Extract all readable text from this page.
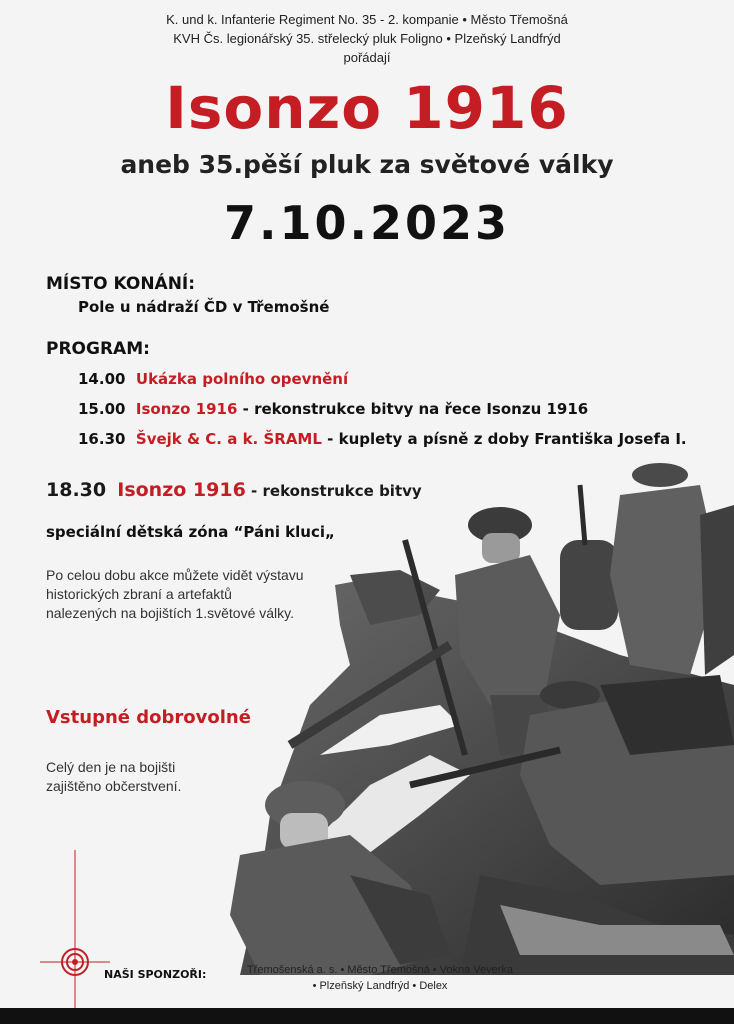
K. und k. Infanterie Regiment No. 35 - 2. kompanie • Město Třemošná
KVH Čs. legionářský 35. střelecký pluk Foligno • Plzeňský Landfrýd
pořádají
Isonzo 1916
aneb 35.pěší pluk za světové války
7.10.2023
MÍSTO KONÁNÍ:
Pole u nádraží ČD v Třemošné
PROGRAM:
14.00 Ukázka polního opevnění
15.00 Isonzo 1916 - rekonstrukce bitvy na řece Isonzu 1916
16.30 Švejk & C. a k. ŠRAML - kuplety a písně z doby Františka Josefa I.
18.30 Isonzo 1916 - rekonstrukce bitvy
speciální dětská zóna “Páni kluci„
Po celou dobu akce můžete vidět výstavu
historických zbraní a artefaktů
nalezených na bojištích 1.světové války.
Vstupné dobrovolné
Celý den je na bojišti
zajištěno občerstvení.
NAŠI SPONZOŘI:	Třemošenská a. s. • Město Třemošná • Vokna Veverka
• Plzeňský Landfrýd • Delex
